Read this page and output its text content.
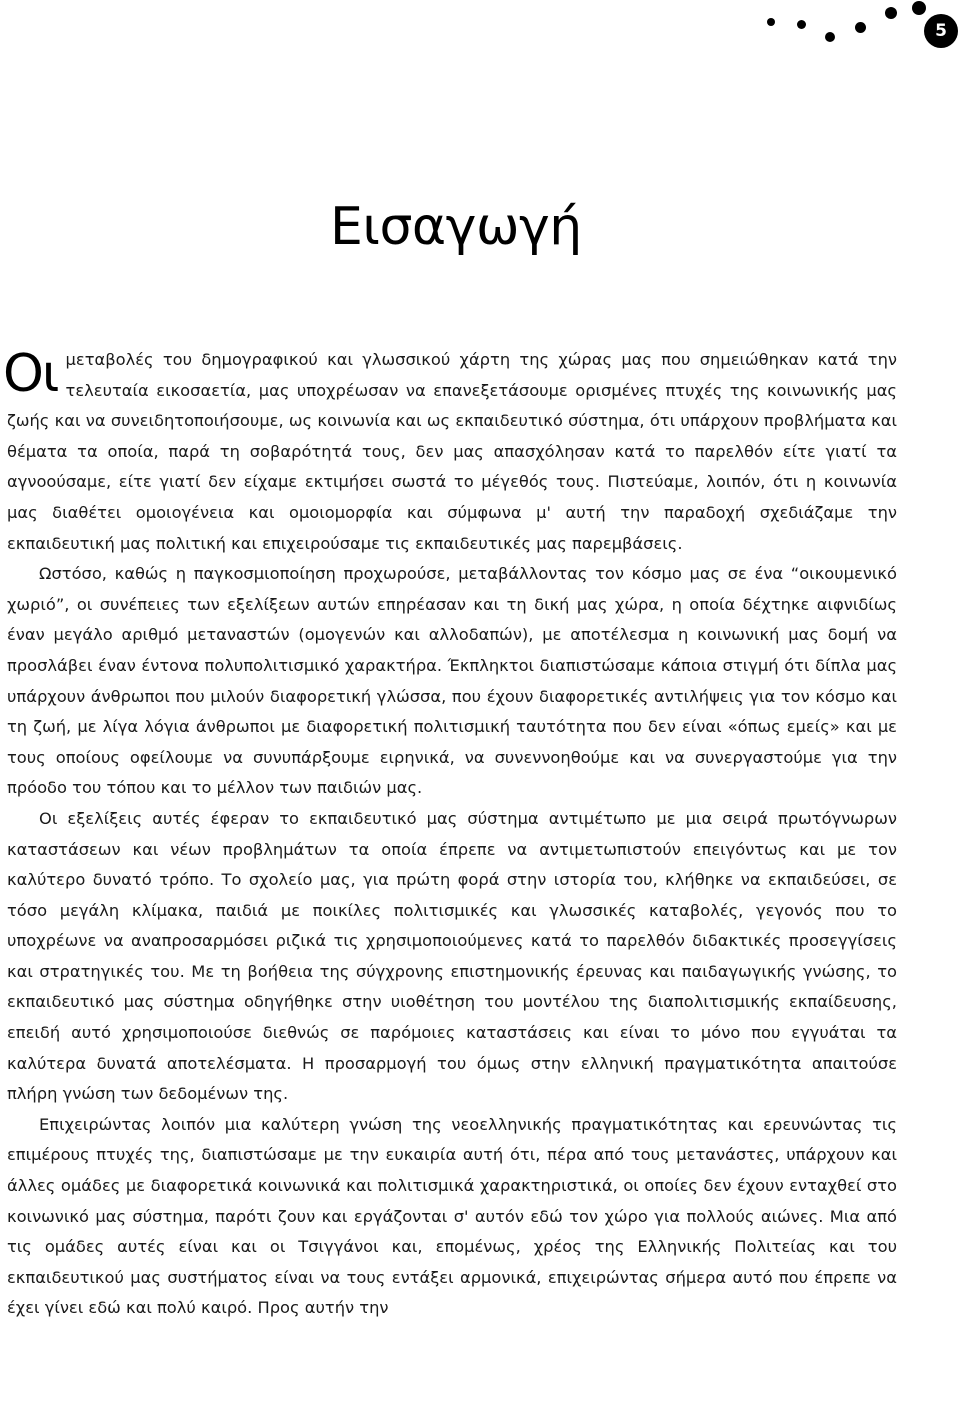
5
Εισαγωγή

Οι μεταβολές του δημογραφικού και γλωσσικού χάρτη της χώρας μας που σημειώθηκαν κατά την τελευταία εικοσαετία, μας υποχρέωσαν να επανεξετάσουμε ορισμένες πτυχές της κοινωνικής μας ζωής και να συνειδητοποιήσουμε, ως κοινωνία και ως εκπαιδευτικό σύστημα, ότι υπάρχουν προβλήματα και θέματα τα οποία, παρά τη σοβαρότητά τους, δεν μας απασχόλησαν κατά το παρελθόν είτε γιατί τα αγνοούσαμε, είτε γιατί δεν είχαμε εκτιμήσει σωστά το μέγεθός τους. Πιστεύαμε, λοιπόν, ότι η κοινωνία μας διαθέτει ομοιογένεια και ομοιομορφία και σύμφωνα μ' αυτή την παραδοχή σχεδιάζαμε την εκπαιδευτική μας πολιτική και επιχειρούσαμε τις εκπαιδευτικές μας παρεμβάσεις.

Ωστόσο, καθώς η παγκοσμιοποίηση προχωρούσε, μεταβάλλοντας τον κόσμο μας σε ένα “οικουμενικό χωριό”, οι συνέπειες των εξελίξεων αυτών επηρέασαν και τη δική μας χώρα, η οποία δέχτηκε αιφνιδίως έναν μεγάλο αριθμό μεταναστών (ομογενών και αλλοδαπών), με αποτέλεσμα η κοινωνική μας δομή να προσλάβει έναν έντονα πολυπολιτισμικό χαρακτήρα. Έκπληκτοι διαπιστώσαμε κάποια στιγμή ότι δίπλα μας υπάρχουν άνθρωποι που μιλούν διαφορετική γλώσσα, που έχουν διαφορετικές αντιλήψεις για τον κόσμο και τη ζωή, με λίγα λόγια άνθρωποι με διαφορετική πολιτισμική ταυτότητα που δεν είναι «όπως εμείς» και με τους οποίους οφείλουμε να συνυπάρξουμε ειρηνικά, να συνεννοηθούμε και να συνεργαστούμε για την πρόοδο του τόπου και το μέλλον των παιδιών μας.

Οι εξελίξεις αυτές έφεραν το εκπαιδευτικό μας σύστημα αντιμέτωπο με μια σειρά πρωτόγνωρων καταστάσεων και νέων προβλημάτων τα οποία έπρεπε να αντιμετωπιστούν επειγόντως και με τον καλύτερο δυνατό τρόπο. Το σχολείο μας, για πρώτη φορά στην ιστορία του, κλήθηκε να εκπαιδεύσει, σε τόσο μεγάλη κλίμακα, παιδιά με ποικίλες πολιτισμικές και γλωσσικές καταβολές, γεγονός που το υποχρέωνε να αναπροσαρμόσει ριζικά τις χρησιμοποιούμενες κατά το παρελθόν διδακτικές προσεγγίσεις και στρατηγικές του. Με τη βοήθεια της σύγχρονης επιστημονικής έρευνας και παιδαγωγικής γνώσης, το εκπαιδευτικό μας σύστημα οδηγήθηκε στην υιοθέτηση του μοντέλου της διαπολιτισμικής εκπαίδευσης, επειδή αυτό χρησιμοποιούσε διεθνώς σε παρόμοιες καταστάσεις και είναι το μόνο που εγγυάται τα καλύτερα δυνατά αποτελέσματα. Η προσαρμογή του όμως στην ελληνική πραγματικότητα απαιτούσε πλήρη γνώση των δεδομένων της.

Επιχειρώντας λοιπόν μια καλύτερη γνώση της νεοελληνικής πραγματικότητας και ερευνώντας τις επιμέρους πτυχές της, διαπιστώσαμε με την ευκαιρία αυτή ότι, πέρα από τους μετανάστες, υπάρχουν και άλλες ομάδες με διαφορετικά κοινωνικά και πολιτισμικά χαρακτηριστικά, οι οποίες δεν έχουν ενταχθεί στο κοινωνικό μας σύστημα, παρότι ζουν και εργάζονται σ' αυτόν εδώ τον χώρο για πολλούς αιώνες. Μια από τις ομάδες αυτές είναι και οι Τσιγγάνοι και, επομένως, χρέος της Ελληνικής Πολιτείας και του εκπαιδευτικού μας συστήματος είναι να τους εντάξει αρμονικά, επιχειρώντας σήμερα αυτό που έπρεπε να έχει γίνει εδώ και πολύ καιρό. Προς αυτήν την
